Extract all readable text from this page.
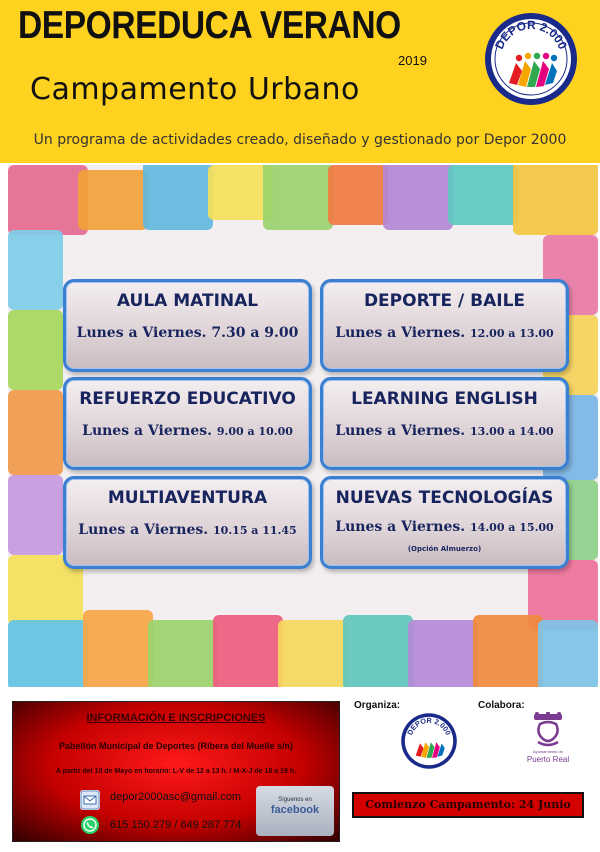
DEPOREDUCA VERANO
2019
Campamento Urbano
Un programa de actividades creado, diseñado y gestionado por Depor 2000
DEPOR 2.000
AULA MATINAL
Lunes a Viernes. 7.30 a 9.00
DEPORTE / BAILE
Lunes a Viernes. 12.00 a 13.00
REFUERZO EDUCATIVO
Lunes a Viernes. 9.00 a 10.00
LEARNING ENGLISH
Lunes a Viernes. 13.00 a 14.00
MULTIAVENTURA
Lunes a Viernes. 10.15 a 11.45
NUEVAS TECNOLOGÍAS
Lunes a Viernes. 14.00 a 15.00
(Opción Almuerzo)
INFORMACIÓN E INSCRIPCIONES
Pabellón Municipal de Deportes (Ribera del Muelle s/n)
A partir del 10 de Mayo en horario: L-V de 12 a 13 h. / M-X-J de 18 a 19 h.
depor2000asc@gmail.com
615 150 279 / 649 287 774
Síguenos en
facebook
Organiza:	Colabora:
DEPOR 2.000
Ayuntamiento de
Puerto Real
Comienzo Campamento: 24 Junio
